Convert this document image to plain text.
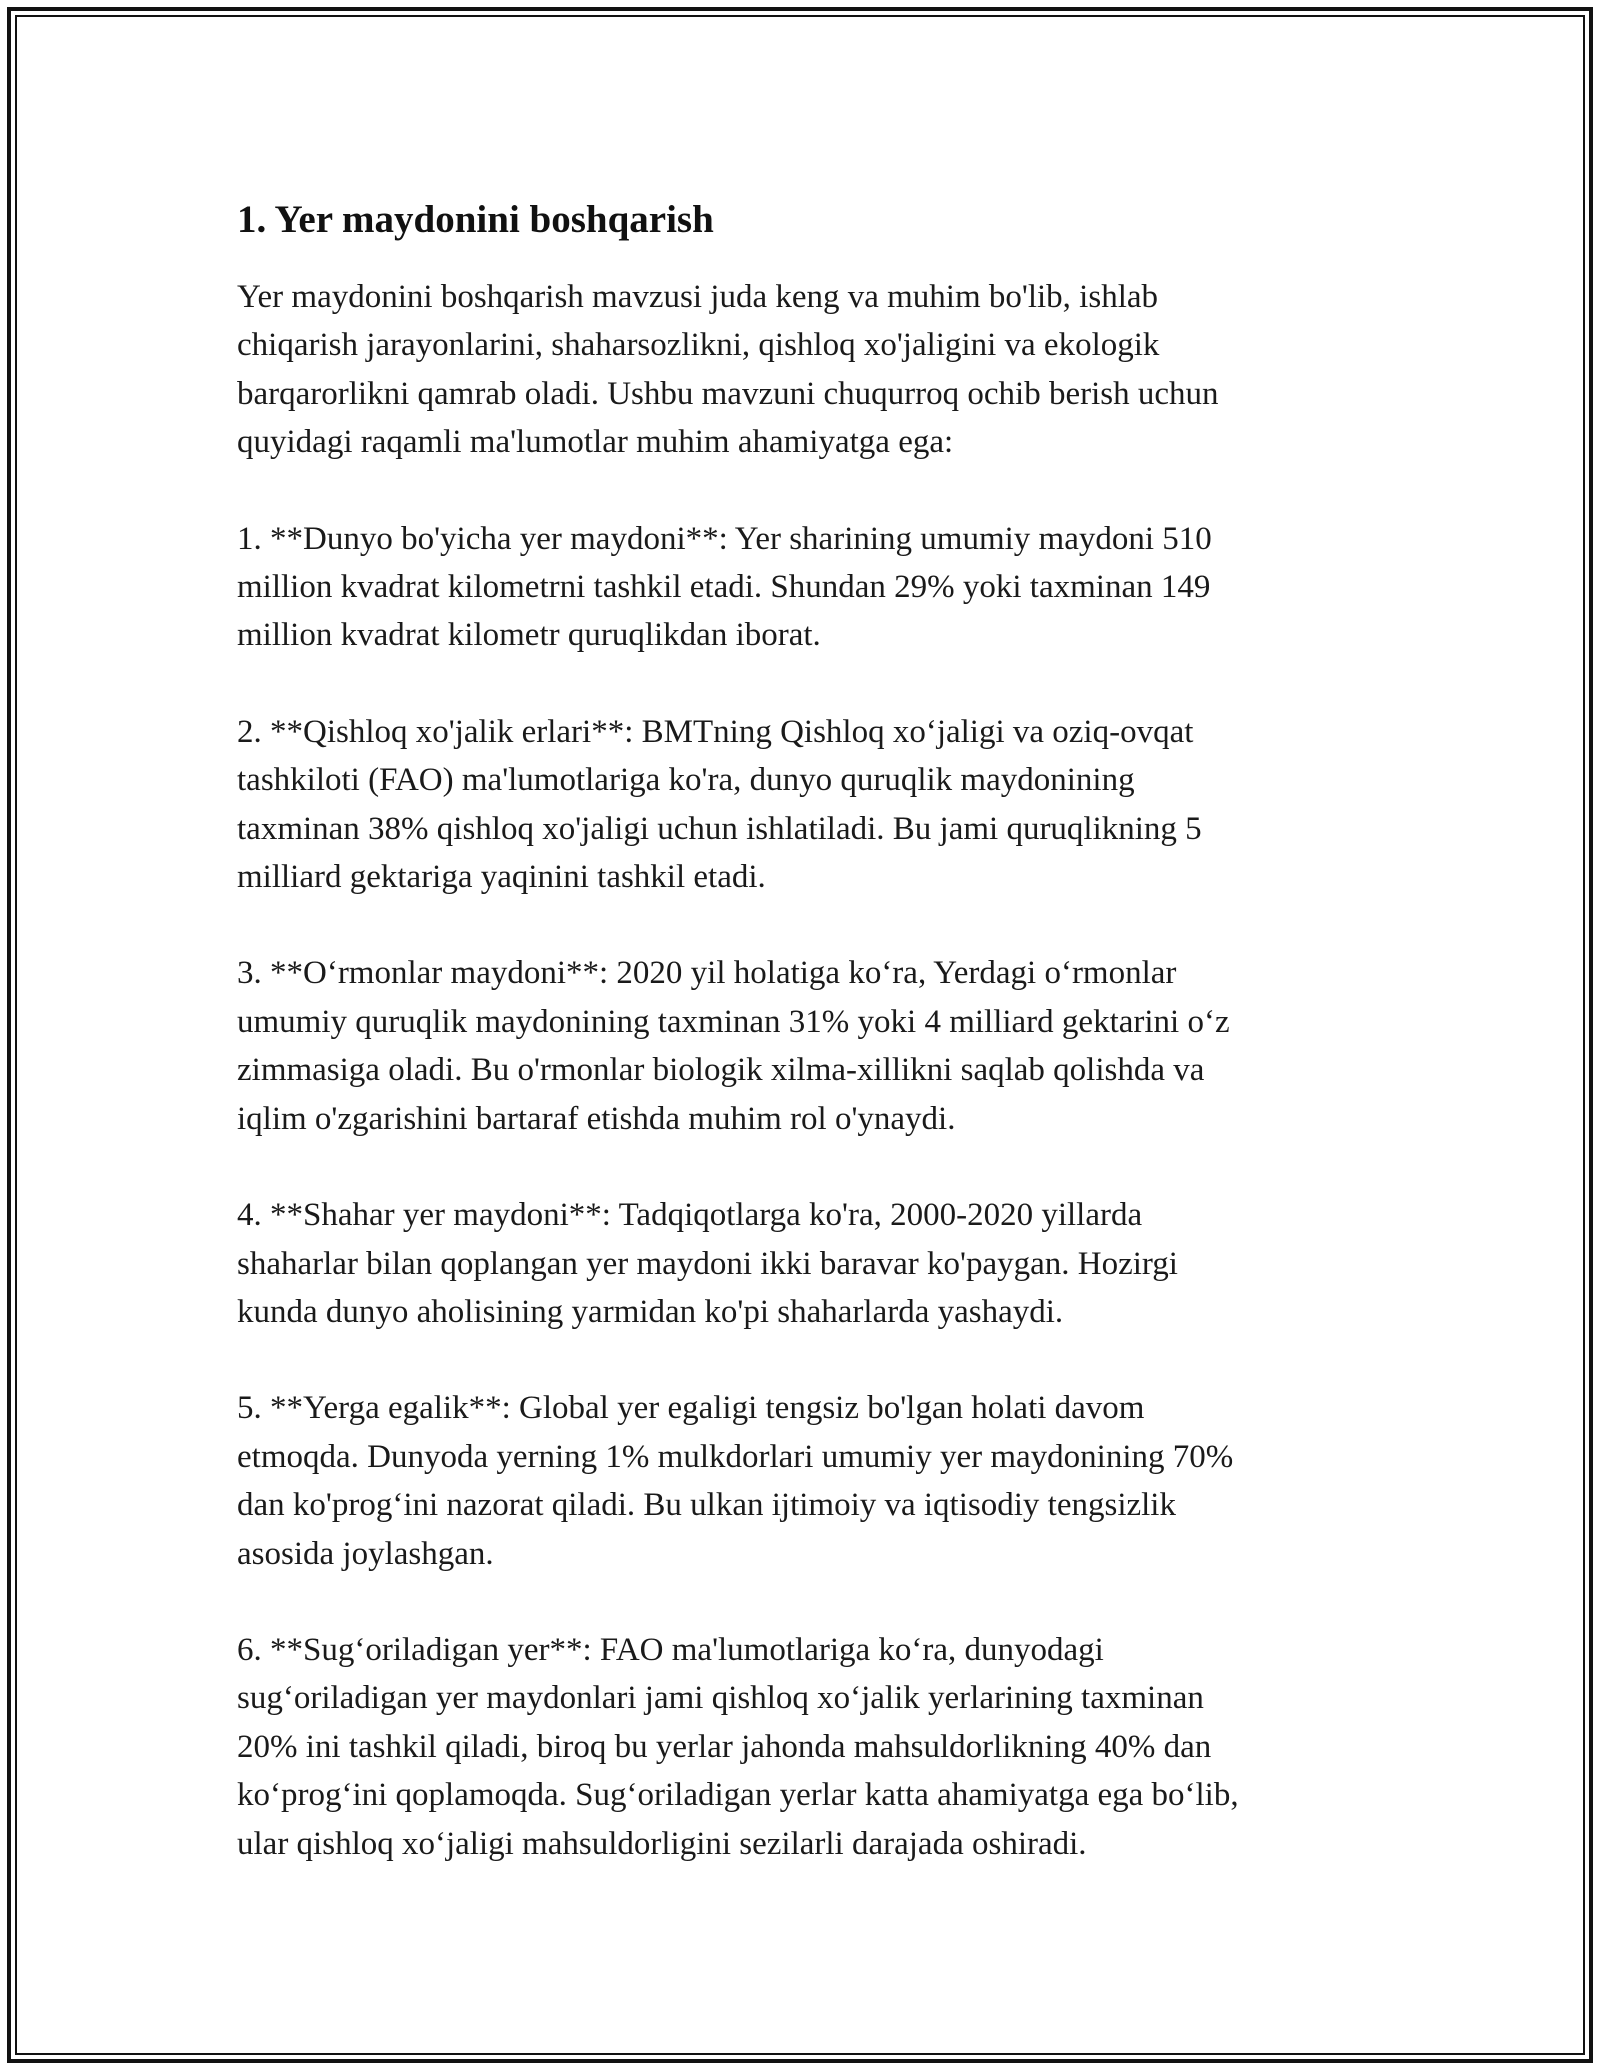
1. Yer maydonini boshqarish

Yer maydonini boshqarish mavzusi juda keng va muhim bo'lib, ishlab
chiqarish jarayonlarini, shaharsozlikni, qishloq xo'jaligini va ekologik
barqarorlikni qamrab oladi. Ushbu mavzuni chuqurroq ochib berish uchun
quyidagi raqamli ma'lumotlar muhim ahamiyatga ega:

1. **Dunyo bo'yicha yer maydoni**: Yer sharining umumiy maydoni 510
million kvadrat kilometrni tashkil etadi. Shundan 29% yoki taxminan 149
million kvadrat kilometr quruqlikdan iborat.

2. **Qishloq xo'jalik erlari**: BMTning Qishloq xoʻjaligi va oziq-ovqat
tashkiloti (FAO) ma'lumotlariga ko'ra, dunyo quruqlik maydonining
taxminan 38% qishloq xo'jaligi uchun ishlatiladi. Bu jami quruqlikning 5
milliard gektariga yaqinini tashkil etadi.

3. **Oʻrmonlar maydoni**: 2020 yil holatiga koʻra, Yerdagi oʻrmonlar
umumiy quruqlik maydonining taxminan 31% yoki 4 milliard gektarini oʻz
zimmasiga oladi. Bu o'rmonlar biologik xilma-xillikni saqlab qolishda va
iqlim o'zgarishini bartaraf etishda muhim rol o'ynaydi.

4. **Shahar yer maydoni**: Tadqiqotlarga ko'ra, 2000-2020 yillarda
shaharlar bilan qoplangan yer maydoni ikki baravar ko'paygan. Hozirgi
kunda dunyo aholisining yarmidan ko'pi shaharlarda yashaydi.

5. **Yerga egalik**: Global yer egaligi tengsiz bo'lgan holati davom
etmoqda. Dunyoda yerning 1% mulkdorlari umumiy yer maydonining 70%
dan ko'progʻini nazorat qiladi. Bu ulkan ijtimoiy va iqtisodiy tengsizlik
asosida joylashgan.

6. **Sugʻoriladigan yer**: FAO ma'lumotlariga koʻra, dunyodagi
sugʻoriladigan yer maydonlari jami qishloq xoʻjalik yerlarining taxminan
20% ini tashkil qiladi, biroq bu yerlar jahonda mahsuldorlikning 40% dan
koʻprogʻini qoplamoqda. Sugʻoriladigan yerlar katta ahamiyatga ega boʻlib,
ular qishloq xoʻjaligi mahsuldorligini sezilarli darajada oshiradi.
